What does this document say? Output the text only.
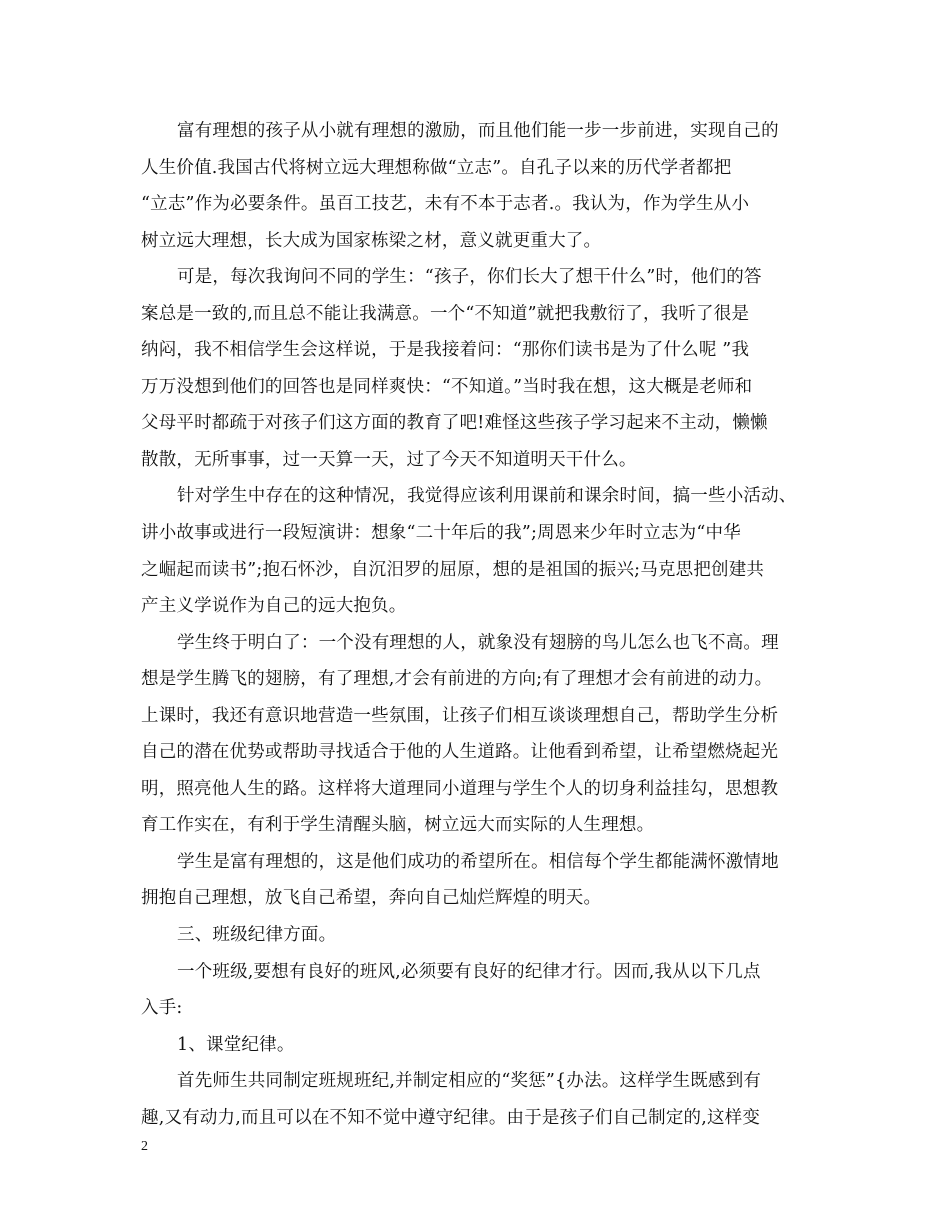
富有理想的孩子从小就有理想的激励，而且他们能一步一步前进，实现自己的
人生价值.我国古代将树立远大理想称做“立志”。自孔子以来的历代学者都把
“立志”作为必要条件。虽百工技艺，未有不本于志者.。我认为，作为学生从小
树立远大理想，长大成为国家栋梁之材，意义就更重大了。
可是，每次我询问不同的学生：“孩子，你们长大了想干什么”时，他们的答
案总是一致的,而且总不能让我满意。一个“不知道”就把我敷衍了，我听了很是
纳闷，我不相信学生会这样说，于是我接着问：“那你们读书是为了什么呢 ”我
万万没想到他们的回答也是同样爽快：“不知道。”当时我在想，这大概是老师和
父母平时都疏于对孩子们这方面的教育了吧!难怪这些孩子学习起来不主动，懒懒
散散，无所事事，过一天算一天，过了今天不知道明天干什么。
针对学生中存在的这种情况，我觉得应该利用课前和课余时间，搞一些小活动、
讲小故事或进行一段短演讲：想象“二十年后的我”;周恩来少年时立志为“中华
之崛起而读书”;抱石怀沙，自沉汨罗的屈原，想的是祖国的振兴;马克思把创建共
产主义学说作为自己的远大抱负。
学生终于明白了：一个没有理想的人，就象没有翅膀的鸟儿怎么也飞不高。理
想是学生腾飞的翅膀，有了理想,才会有前进的方向;有了理想才会有前进的动力。
上课时，我还有意识地营造一些氛围，让孩子们相互谈谈理想自己，帮助学生分析
自己的潜在优势或帮助寻找适合于他的人生道路。让他看到希望，让希望燃烧起光
明，照亮他人生的路。这样将大道理同小道理与学生个人的切身利益挂勾，思想教
育工作实在，有利于学生清醒头脑，树立远大而实际的人生理想。
学生是富有理想的，这是他们成功的希望所在。相信每个学生都能满怀激情地
拥抱自己理想，放飞自己希望，奔向自己灿烂辉煌的明天。
三、班级纪律方面。
一个班级,要想有良好的班风,必须要有良好的纪律才行。因而,我从以下几点
入手:
1、课堂纪律。
首先师生共同制定班规班纪,并制定相应的“奖惩”{办法。这样学生既感到有
趣,又有动力,而且可以在不知不觉中遵守纪律。由于是孩子们自己制定的,这样变
2
